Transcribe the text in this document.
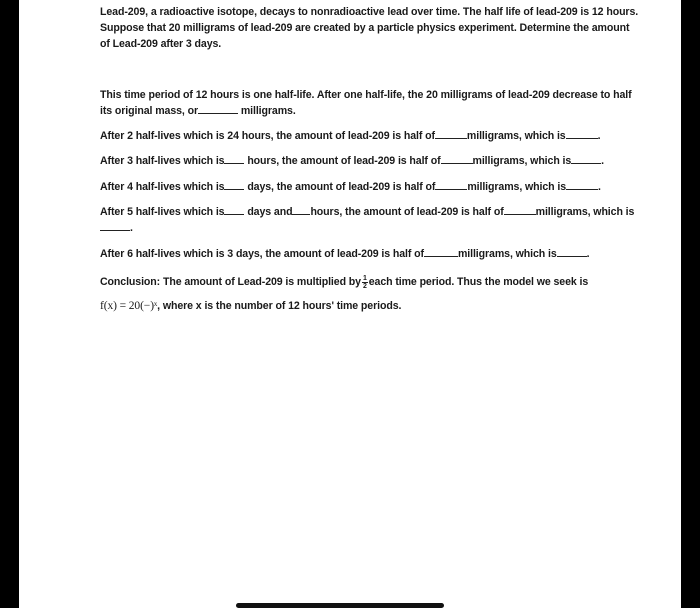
Lead-209, a radioactive isotope, decays to nonradioactive lead over time. The half life of lead-209 is 12 hours. Suppose that 20 milligrams of lead-209 are created by a particle physics experiment. Determine the amount of Lead-209 after 3 days.
This time period of 12 hours is one half-life. After one half-life, the 20 milligrams of lead-209 decrease to half its original mass, or	milligrams.
After 2 half-lives which is 24 hours, the amount of lead-209 is half of	milligrams, which is	.
After 3 half-lives which is hours, the amount of lead-209 is half of	milligrams, which is	.
After 4 half-lives which is days, the amount of lead-209 is half of	milligrams, which is	.
After 5 half-lives which is days and hours, the amount of lead-209 is half of	milligrams, which is .
After 6 half-lives which is 3 days, the amount of lead-209 is half of	milligrams, which is	.
Conclusion: The amount of Lead-209 is multiplied by $\frac{1}{2}$ each time period. Thus the model we seek is
f(x) = 20(−)ˣ, where x is the number of 12 hours' time periods.
